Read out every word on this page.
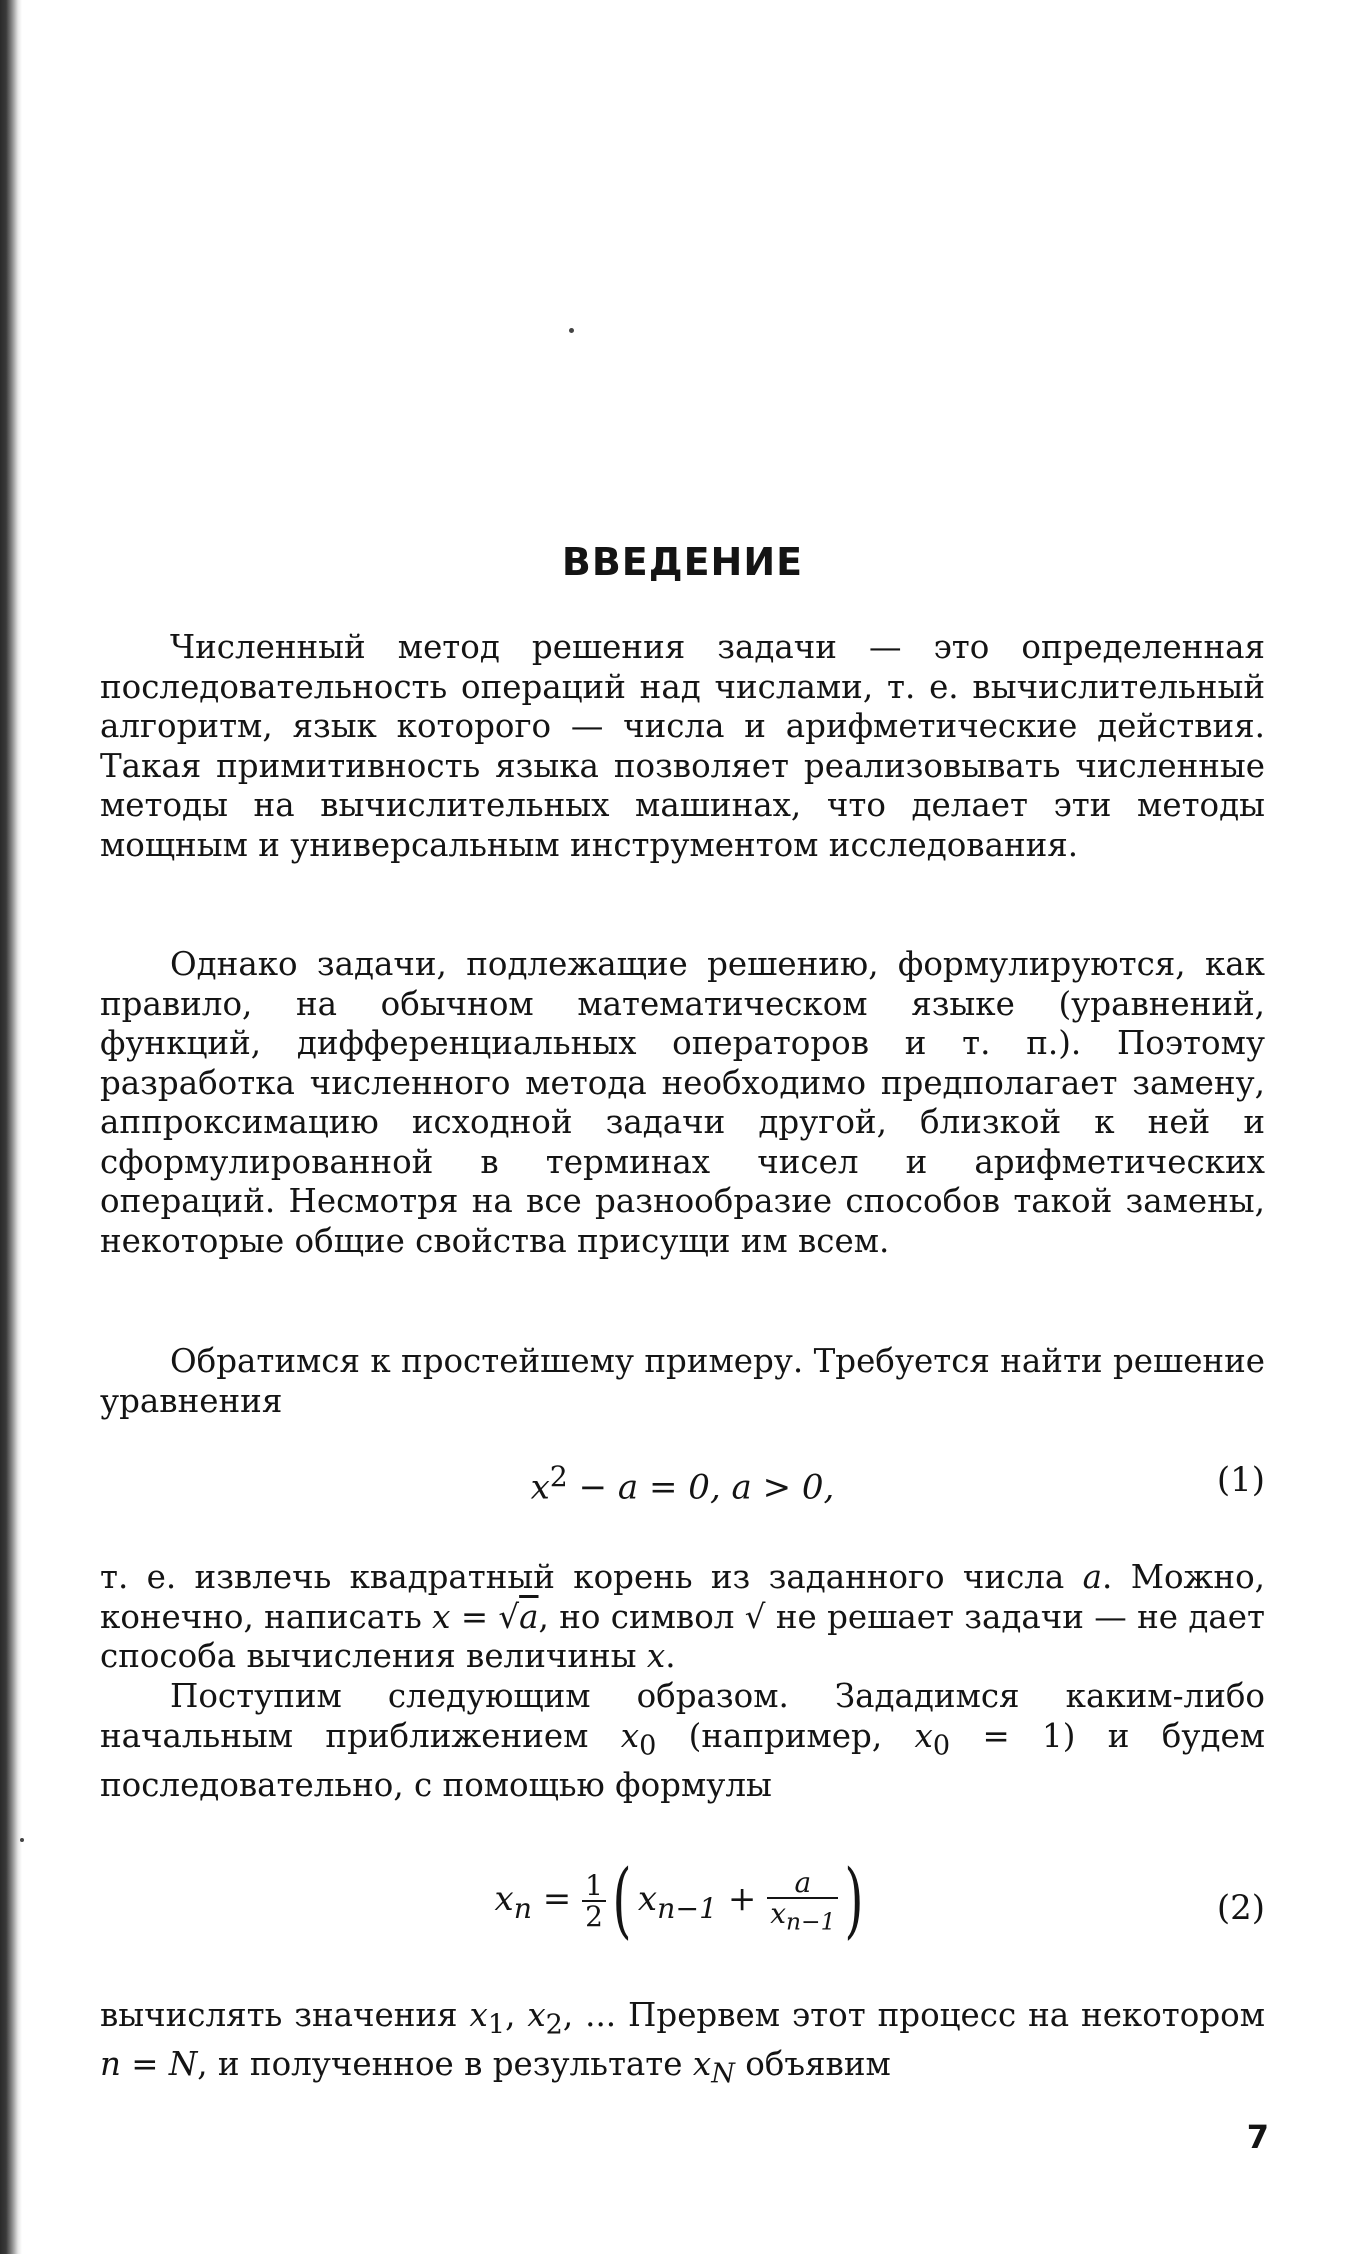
ВВЕДЕНИЕ

Численный метод решения задачи — это определенная последовательность операций над числами, т. е. вычислительный алгоритм, язык которого — числа и арифметические действия. Такая примитивность языка позволяет реализовывать численные методы на вычислительных машинах, что делает эти методы мощным и универсальным инструментом исследования.

Однако задачи, подлежащие решению, формулируются, как правило, на обычном математическом языке (уравнений, функций, дифференциальных операторов и т. п.). Поэтому разработка численного метода необходимо предполагает замену, аппроксимацию исходной задачи другой, близкой к ней и сформулированной в терминах чисел и арифметических операций. Несмотря на все разнообразие способов такой замены, некоторые общие свойства присущи им всем.

Обратимся к простейшему примеру. Требуется найти решение уравнения

$x^2 - a = 0$, a > 0,	(1)

т. е. извлечь квадратный корень из заданного числа a. Можно, конечно, написать x = √a, но символ √ не решает задачи — не дает способа вычисления величины x.

Поступим следующим образом. Зададимся каким-либо начальным приближением $x_0$ (например, $x_0 = 1$) и будем последовательно, с помощью формулы

$x_n = \frac{1}{2}$ ( $x_{n-1} + \frac{a}{x_{n-1}}$ )	(2)

вычислять значения $x_1$, $x_2$, ... Прервем этот процесс на некотором n = N, и полученное в результате $x_N$ объявим

7
